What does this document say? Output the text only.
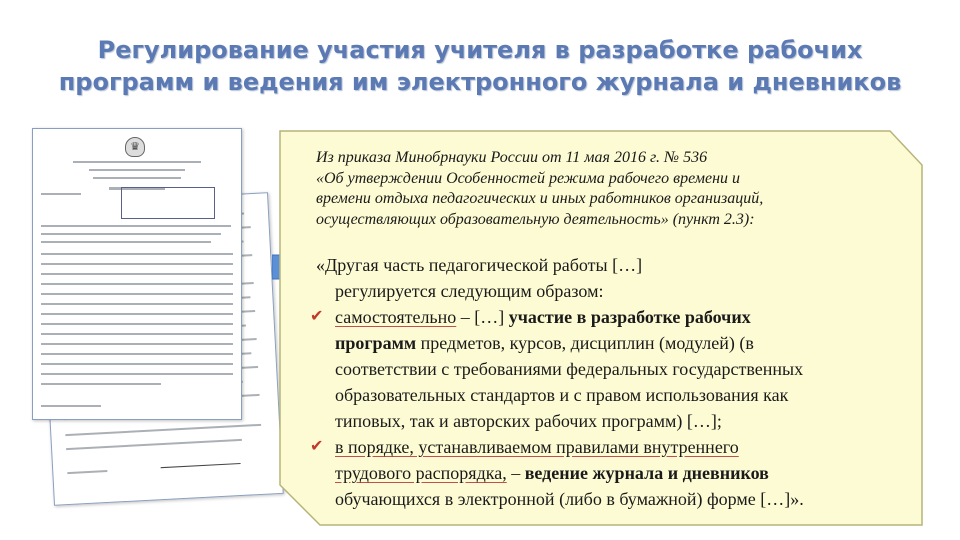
Регулирование участия учителя в разработке рабочих
программ и ведения им электронного журнала и дневников
♛

Из приказа Минобрнауки России от 11 мая 2016 г. № 536
«Об утверждении Особенностей режима рабочего времени и
времени отдыха педагогических и иных работников организаций,
осуществляющих образовательную деятельность» (пункт 2.3):

✔
✔
«Другая часть педагогической работы […]
регулируется следующим образом:
самостоятельно – […] участие в разработке рабочих
программ предметов, курсов, дисциплин (модулей) (в
соответствии с требованиями федеральных государственных
образовательных стандартов и с правом использования как
типовых, так и авторских рабочих программ) […];
в порядке, устанавливаемом правилами внутреннего
трудового распорядка, – ведение журнала и дневников
обучающихся в электронной (либо в бумажной) форме […]».
